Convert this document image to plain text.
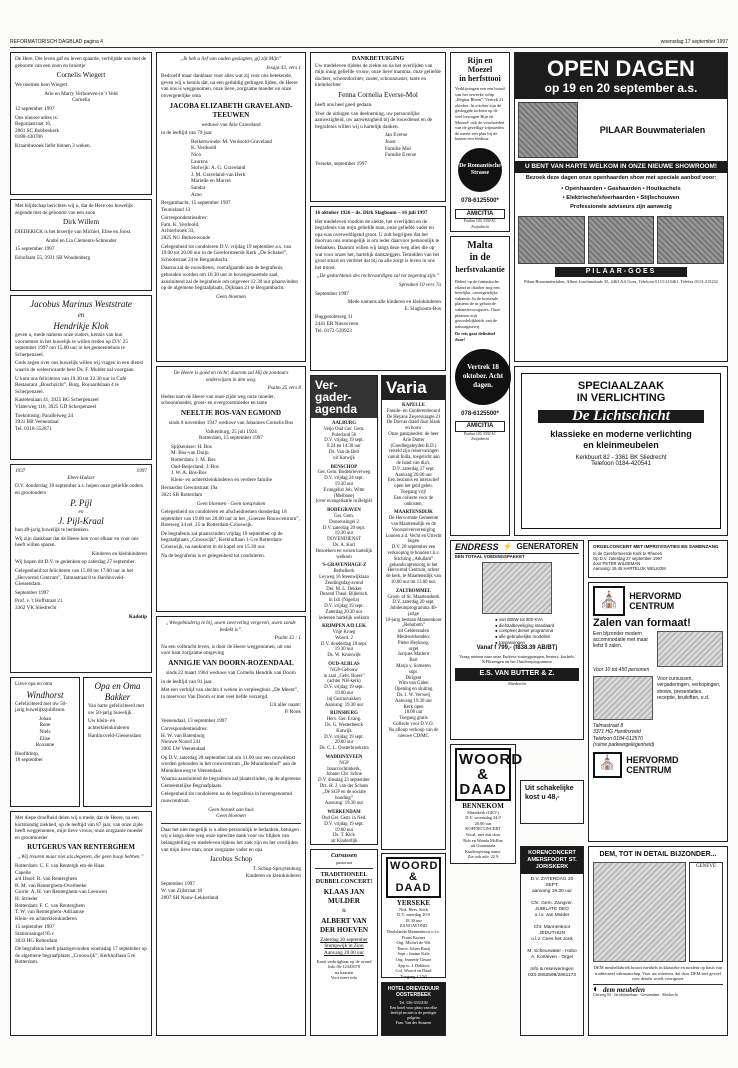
REFORMATORISCH DAGBLAD pagina 4	woensdag 17 september 1997

De Here, Die leven gaf en leven spaarde, verblijdde ons met de geboorte van een zoon en broertje

Cornelis Wiegert

We noemen hem Wiegert.

Arie en Marry Verhoeven-in 't Veld
Cornelia

12 september 1997

Ons nieuwe adres is:
Begoniastraat 16,
2861 SC Bobbeskerk
0180-430706

Kraambezoek liefst binnen 3 weken.

Met blijdschap berichten wij u, dat de Here ons huwelijk zegende met de geboorte van een zoon

Dirk Willem

DIEDERICK is het broertje van Michiel, Elise en Joost.

André en Lia Clements-Schreuder

15 september 1997

Eshofsam 55, 3931 SB Woudenberg

Jacobus Marinus Weststrate
en
Hendrikje Klok

geven u, mede namens onze ouders, kennis van hun voornemen in het huwelijk te willen treden op D.V. 25 september 1997 om 15.00 uur in het gemeentehuis te Scherpenzeel.

Gods zegen over ons huwelijk willen wij vragen in een dienst waarin de weleerwaarde heer Ds. F. Mulder zal voorgaan.

U kunt ons feliciteren van 19.30 tot 22.30 uur in Café Restaurant „Boschzicht”, Burg. Royaardslaan 4 te Scherpenzeel.

Kastelenlaan 41, 3925 BG Scherpenzeel
Vlaterweg 116, 3925 GD Scherpenzeel

Toekomstig: Parallelweg 24
3931 BB Veenendaal
Tel. 0318-552871

1937	1997

Eben-Haëzer

D.V. donderdag 18 september a.s. hopen onze geliefde ouders en grootouders

P. Pijl
en
J. Pijl-Kraal

hun 40-jarig huwelijk te herdenken.

Wij zijn dankbaar dat de Heere hen voor elkaar en voor ons heeft willen sparen.

Kinderen en kleinkinderen

Wij hopen dit D.V. te gedenken op zaterdag 27 september.

Gelegenheid tot feliciteren van 15.00 tot 17.00 uur in het „Hervormd Centrum”, Talmastraat 8 te Hardinxveld-Giessendam.

September 1997

Prof. v. 't Hoffstraat 21
3362 VK Sliedrecht

Kadotip

Lieve opa en oma

Windhorst

Gefeliciteerd met uw 50-jarig huwelijksjubileum.

Johan
Rene
Niels
Elise
Roxanne

Hoofddorp,
18 september

Opa en Oma Bakker

Van harte gefeliciteerd met uw 50-jarig huwelijk.

Uw klein- en achterkleinkinderen

Hardinxveld-Giessendam

Met diepe droefheid delen wij u mede, dat de Heere, na een kortstondig ziekbed, op de leeftijd van 87 jaar, van onze zijde heeft weggenomen, mijn lieve vrouw, onze zorgzame moeder en grootmoeder

RUTGERUS VAN RENTERGHEM

„Wij treuren maar niet als degenen, die geen hoop hebben.”

Rotterdam: C. F. van Rentergh em-de Haas
Capelle
a/d IJssel: R. van Renterghem
B. M. van Renterghem-Overbeeke
Goirle: A. H. van Renterghem-van Leeuwen
H. Strieder
Rotterdam: F. C. van Renterghem
T. W. van Renterghem-Adriaanse
Klein- en achterkleinkinderen

15 september 1997
Stationssingel 95 c
3033 HG Rotterdam

De begrafenis heeft plaatsgevonden woensdag 17 september op de algemene begraafplaats „Crooswijk”, Kerkhoflaan 5 te Rotterdam.

„Ik heb u lief van ouden geslagten, gij zijt Mijn”

Jesaja 43, vers 1

Bedroefd maar dankbaar voor alles wat zij voor ons betekende, geven wij u kennis dat, na een geduldig gedragen lijden, de Heere van ons is weggenomen, onze lieve, zorgzame moeder en onze onvergetelijke oma

JACOBA ELIZABETH GRAVELAND-TEEUWEN

weduwe van Arie Graveland

in de leeftijd van 79 jaar.

Berkenwoude: M. Verdoold-Graveland
K. Verdoold
Nico
Laurens
Stolwijk: A. G. Graveland
J. M. Graveland-van Herk
Marielle en Marcel
Sandra
Arno

Bergambacht, 15 september 1997
Teunisland 13

Correspondentieadres:
Fam. K. Verdoold,
Achterbroek 33,
2825 NG Berkenwoude

Gelegenheid tot condoleren D.V. vrijdag 19 september a.s. van 19.00 tot 20.00 uur in de Gereformeerde Kerk „De Schakel”, Schoolstraat 24 te Bergambacht.

Daarna zal de rouwdienst, voorafgaande aan de begrafenis, gehouden worden om 10.30 uur in bovengenoemde zaal, aansluitend zal de begrafenis om ongeveer 12.30 uur plaatsvinden op de algemene begraafplaats, Dijklaan 21 te Bergambacht.

Geen bloemen

De Heere is goed en recht; daarom zal Hij de zondaars onderwijzen in den weg.

Psalm 25 vers 8

Heden nam de Heere van onze zijde weg onze moeder, schoonmoeder, groot- en overgrootmoeder en tante

NEELTJE BOS-VAN EGMOND

sinds 8 november 1947 weduwe van Johannes Cornelis Bos

Valkenburg, 25 juli 1924
Rotterdam, 15 september 1997

Spijkenisse: H. Bos
M. Bos-van Duijn
Rotterdam: J. M. Bos
Oud-Beijerland: J. Bos
J. W. A. Bos-Bos
Klein- en achterkleinkinderen en verdere familie

Bernardus Gewinstraat 19a
3021 SB Rotterdam

Geen bloemen · Geen toespraken

Gelegenheid tot condoleren en afscheidnemen donderdag 18 september van 19.00 tot 20.00 uur in het „Goetzee Rouwcentrum”, Breeweg 34 tel. 25 te Rotterdam-Crooswijk.

De begrafenis zal plaatsvinden vrijdag 19 september op de begraafplaats „Crooswijk”, Kerkhoflaan 1-5 te Rotterdam-Crooswijk, na aankomst in de kapel om 15.30 uur.

Na de begrafenis is er gelegenheid tot condoleren.

„Weegebladerig te bij, uwen zwerveling vergeven, uwen zonde bedekt is”.

Psalm 32 : 1

Na een volbracht leven, is door de Heere weggenomen, uit ons voor haar zorgzame omgeving

ANNIGJE VAN DOORN-ROZENDAAL

sinds 22 maart 1964 weduwe van Cornelis Hendrik van Doorn

in de leeftijd van 91 jaar.

Met een verblijf van slechts 4 weken in verpleeghuis „De Meent”, in meervoor Van Doorn er met veel liefde verzorgd.

Uit aller naam:
P. Rook

Veenendaal, 13 september 1997

Correspondentieadres:
H. W. van Batenburg
Nieuwe Noord 241
3905 LW Veenendaal

Op D.V. zaterdag 20 september zal om 11.00 uur een rouwdienst worden gehouden in het rouwcentrum „De Munnikenhof” aan de Munnikenweg te Veenendaal.

Waarna aansluitend de begrafenis zal plaatsvinden, op de algemene Gemeentelijke Begraafplaats.

Gelegenheid tot condoleren na de begrafenis in bovengenoemd rouwcentrum.

Geen bezoek aan huis
Geen bloemen

Daar het niet mogelijk is u allen persoonlijk te bedanken, betuigen wij u langs deze weg onze oprechte dank voor uw blijken van belangstelling en medeleven tijdens het ziek zijn en het overlijden van mijn lieve man, onze zorgzame vader en opa

Jacobus Schop

T. Schop-Spruytenburg
Kinderen en kleinkinderen

September 1997
W. van Zijlstraat 18
2807 SH Nauw-Lekkerland

DANKBETUIGING

Uw medeleven tijdens de ziekte en na het overlijden van mijn innig geliefde vrouw, onze lieve mamma, onze geliefde dochter, schoondochter, zuster, schoonzuster, tante en kleindochter

Fenna Cornelia Everse-Mol

heeft ons heel goed gedaan.

Voor de uitingen van deelneming, uw persoonlijke aanwezigheid, uw aanwezigheid bij de rouwdienst en de begrafenis willen wij u hartelijk danken.

Jan Everse
Joost
Familie Mol
Familie Everse

Yerseke, september 1997

16 oktober 1926 – ds. Dirk Slagboom – 16 juli 1997

Het medeleven rondom de ziekte, het overlijden en de begrafenis van mijn geliefde man, onze geliefde vader en opa was overweldigend groot. U zult begrijpen dat het doorvan ons onmogelijk is om ieder daarvoor persoonlijk te bedanken. Daarom willen wij langs deze weg alles die op wat voor onzer het, hartelijk dankzeggen. Temidden van het groot smart en verdriet dat bij na alle zorgt is leven in ons het troost.

„De gedachtenis des rechtvaardigen zal tot zegening zijn.”

Spreuken 10 vers 7a

September 1997

Mede namens alle kinderen en kleinkinderen
E. Slagboom-Bos

Buggenobtweg 11
2441 ER Nieuwveen
Tel. 0172-539923

Ver-
gader-
agenda
AALBURG
Veijo Oud Ger. Gem. Polerland 56
D.V. vrijdag 19 sept.
8.24 en 14.30 uur
Ds. Van de Belt
uit Katwijk
BENSCHOP
Ger. Gem. Bodenrieverweg
D.V. vrijdag 24 sept.
19.30 uur
Evangelist Joh. Witte
(Meibone)
(over evangelisatie in België)
BODEGRAVEN
Ger. Gem.
Doosensingel 2
D.V. zaterdag 20 sept.
19.30 uur
DOVENDIENST
Ds. A. Kort
Bezoekers en wezen hartelijk welkom
'S-GRAVENHAGE-Z
Bethelkerk
Leyweg 16 Steenwijklaan
Zendingsdag-avond
Der. M. L. Dekker
Dezend Theol. Bijbelsch.
in Ixli (Nigeria)
D.V. vrijdag 19 sept.
Zaterdag 20.30 uur
iedereen hartelijk welkom
KRIMPEN A/D LEK
Vrije Kroeg
Woord. 2
D.V. donderdag 18 sept.
19.30 uur
Ds. W. Kruiswijk
OUD-ALBLAS
NGP-Gebouw
in zaal „Gebr. Boers”
(achter NH-kerk)
D.V. vrijdag 19 sept.
19.00 uur
bij Gezinsvakken
Aanvang: 19.30 uur
RIJNSBURG
Herv. Ger. Evang.
Ds. G. Westerbeeck
Katwijk
D.V. vrijdag 19 sept.
20.00 uur
Ds. C. L. Oosterbroekstra
WADDINXVEEN
NGP
Isaaccuchtinkerk,
Johann Chr. Schoe
D.V. dinsdag 23 september
Drs. H. J. van der Schans
„De SGP en de sociale houding”
Aanvang: 19.30 uur
WERKENDAM
Oud Ger. Gem. in Ned.
D.V. vrijdag 19 sept.
19.00 uur
Ds. T. Kick
uit Kinderdijk
Cursussen

pastoraat

TRADITIONEEL DUBBELCONCERT!

KLAAS JAN MULDER
&
ALBERT VAN DER HOEVEN

Zaterdag 20 september
Stompwijk in Zion
Aanvang 20.00 uur

Kaart verkrijgbaar op de avond
Info 06-12345678
na kaarten
Voor meer info

Varia
KAPELLE
Fassile- en Conferentieoord
De Heyans Zeyersvaagte 21
De Dorcas draad daar blank en bouw
Onze ganspoeden: de heer Arie Dutter
(Goedbegeleyden B.D.)
verteld zijn reiservaringen vanuit India, toegelicht aan de hand van dia's.
D.V. zaterdag 27 sept.
Aanvang 20.00 uur
Een bezinnis en interactief open het geld gelen.
Toegang vrij!
Een collecte voor de onkosten.
MAARTENSDIJK
De Hervormde Gemeente van Maartensdijk en de Voorszeiververeniging Loonen a.d. Vecht en Utrecht bogen
D.V. 20 september een verkooping te houden t.b.v. Stichting „Adullam”
gehandicaptenzorg in het Hervormd Centrum, achter de kerk, te Maartensdijk van 10.00 uur tot 13.00 uur.
ZALTBOMMEL
Groot- of St. Maartenskerk
D.V. zaterdag 20 sept.
Jubileumprogramma 40-jarige
10-jarig bestaan Mannenkoor „Rehoboth”
uit Gelderssalen
Medewerkenden:
Pieter Heykoop,
orgel
Jacques Mattern
Bari
Marjo v. Someren
sopr.
Dirigent
Wim van Galen
Opening en sluiting
Ds. J. W. Verweij
Aanvang 19.30 uur
Kerk open
18.00 uur
Toegang gratis
Collecte voor D.V.O.
Na afloop verkoop van de nieuwe CD/MC
WOORD
& DAAD
YERSEKE

Ned. Herv. Kerk
D.V. zaterdag 20.9
18.30 uur
ZANGAVOND
Deelslanda Mannenkoor o.l.v. Frans Kornet
Org. Michel de Wit
Tenor: Johan Baaij
Sopr.: Janine Kale
Org. Jeanetty Geuze
App.w. J. Dekkers
Col. Woord en Daad
Toegang f 2,50

HOTEL DRIEVEDUUR OOSTERBEEK

Tel. 026-3333100
Een hotel voor pluto van elke leeftijd en niet is de prettiger pelgrim
Fam. Van der Straaten

Rijn en Moezel
in herfsttooi

Verblijvingen een een boord van het seweeke schip „Regina Rhein”. Vertrek 21 oktober. In october zijn de gesloggde tochten op de veel bewogen Rijn en Moezel: ook de voorhoeden van de gezellige wijnsteden de meest een plan bij de kusten een feeduur.

De Romantische Strasse
078-6125500*
AMICITIA

Postbus 120, 3330 AC Zwijndrecht

Malta
in de
herfstvakantie

Beleef op de fantastische eiland in oktober nog een heerlijke, onvergetelijke vakantie. In de boeiende plattens de in geboorde vakantievoorgastes. Onze plaatsen zijn geoordelijkheids van de natuurgastvrij.

De reis gaat definitief door!

Vertrek 18 oktober. Acht dagen.
078-6125500*
AMICITIA

Postbus 120, 3330 AC Zwijndrecht

ENDRESS ⚡ GENERATOREN

EEN TOTAAL VOEDINGSPAKKET

● van 800W tot 800 KVA
● diefstalbeveiliging standaard
● compleet diesel programma
● alle gebruikelijke modellen
● toepassingen

Vanaf f 799,- (f838.39 AB/BT)

Vraag meteen naar onze Endress-watergpompen, heaters, kachels, KFlitzengen en het Outdoorprogramma

E.S. VAN BUTTER & Z.

Sliedrecht

WOORD
& DAAD
BENNEKOM

Slimekerk (GKV)
D.V. woensdag 24.9
20.00 uur
KOFFIECONCERT
Vocal, met dus door
Bob en Wanda McRae
uit Guatemala
Kinderopvang aanw.
Zie ook adv. 22.9

OPEN DAGEN
op 19 en 20 september a.s.
PILAAR Bouwmaterialen
U BENT VAN HARTE WELKOM IN ONZE NIEUWE SHOWROOM!

Bezoek deze dagen onze openhaarden show met speciale aanbod voor:

• Openhaarden • Gashaarden • Houtkachels

• Elektrische/sfeerhaarden • Stijlschouwen

Professionele adviseurs zijn aanwezig

PILAAR-GOES

Pilaar Bouwmaterialen, Albert Joachimikade 35, 4463 AA Goes, Telefoon 0113-215461, Telefax 0113-215232

SPECIAALZAAK
IN VERLICHTING
De Lichtschicht
klassieke en moderne verlichting
en kleinmeubelen
Kerkbuurt 82 - 3361 BK Sliedrecht
Telefoon 0184-420541

ORGELCONCERT MET IMPROVISATIES EN SAMENZANG

In de Gereformeerde Kerk te Rhenen
Op D.V. zaterdag 27 september 1997
door PETER WILDEMAN
Aanvang: 19.45 HARTELIJK WELKOM

⛪	HERVORMD CENTRUM
Zalen van formaat!

Een bijzonder modern accommodatie met maar liefst 9 zalen.

Voor 10 tot 450 personen

Voor cursussen, vergaderingen, verkopingen, shows, presentaties, receptie, bruiloften, e.d.

Talmastraat 8
3371 HG Hardinxveld
Telefoon 0184-612570
(ruime parkeergelegenheid)

⛪	HERVORMD CENTRUM

Uit schakelijke kost u 48,-

KORENCONCERT AMERSFOORT ST. JORISKERK

D.V. ZATERDAG 20 SEPT.
aanvang 19.30 uur

Chr. Gem. Zangver.
JUBILATE DEO
o.l.v. Jan Mulder

Chr. Mannenkoor
JEDUTHUN
o.l.v. Cees het Jonk

M. Scheurwater - Hobo
A. Kortleven - Orgel

Info & reserveringen
033-2862599/2861173

DEM, TOT IN DETAIL BIJZONDER...
GENEVE

DEM meubelfabriek bouwt meubels in klassieke en modern op basis van traditioneel vakmanschap. Voor uw interieur, dat door DEM met gevoel voor details wordt voortgezet.

◐ dem meubelen

Gierweg 84 · Jacobijnsrelaan · Giessendam · Sliedrecht
